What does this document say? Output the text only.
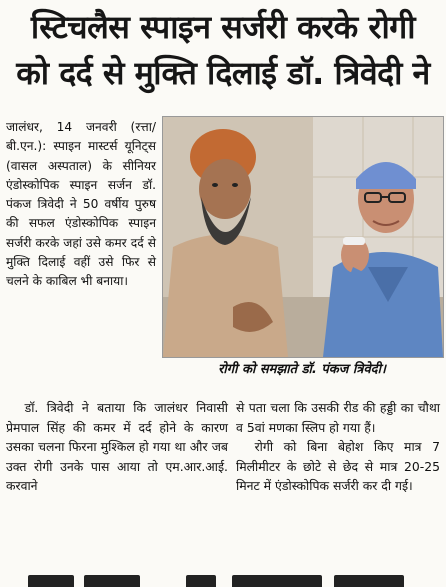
स्टिचलैस स्पाइन सर्जरी करके रोगी
को दर्द से मुक्ति दिलाई डॉ. त्रिवेदी ने

जालंधर, 14 जनवरी (रत्ता/बी.एन.): स्पाइन मास्टर्स यूनिट्स (वासल अस्पताल) के सीनियर एंडोस्कोपिक स्पाइन सर्जन डॉ. पंकज त्रिवेदी ने 50 वर्षीय पुरुष की सफल एंडोस्कोपिक स्पाइन सर्जरी करके जहां उसे कमर दर्द से मुक्ति दिलाई वहीं उसे फिर से चलने के काबिल भी बनाया।

रोगी को समझाते डॉ. पंकज त्रिवेदी।

डॉ. त्रिवेदी ने बताया कि जालंधर निवासी प्रेमपाल सिंह की कमर में दर्द होने के कारण उसका चलना फिरना मुश्किल हो गया था और जब उक्त रोगी उनके पास आया तो एम.आर.आई. करवाने

से पता चला कि उसकी रीड की हड्डी का चौथा व 5वां मणका स्लिप हो गया हैं।

रोगी को बिना बेहोश किए मात्र 7 मिलीमीटर के छोटे से छेद से मात्र 20-25 मिनट में एंडोस्कोपिक सर्जरी कर दी गई।
